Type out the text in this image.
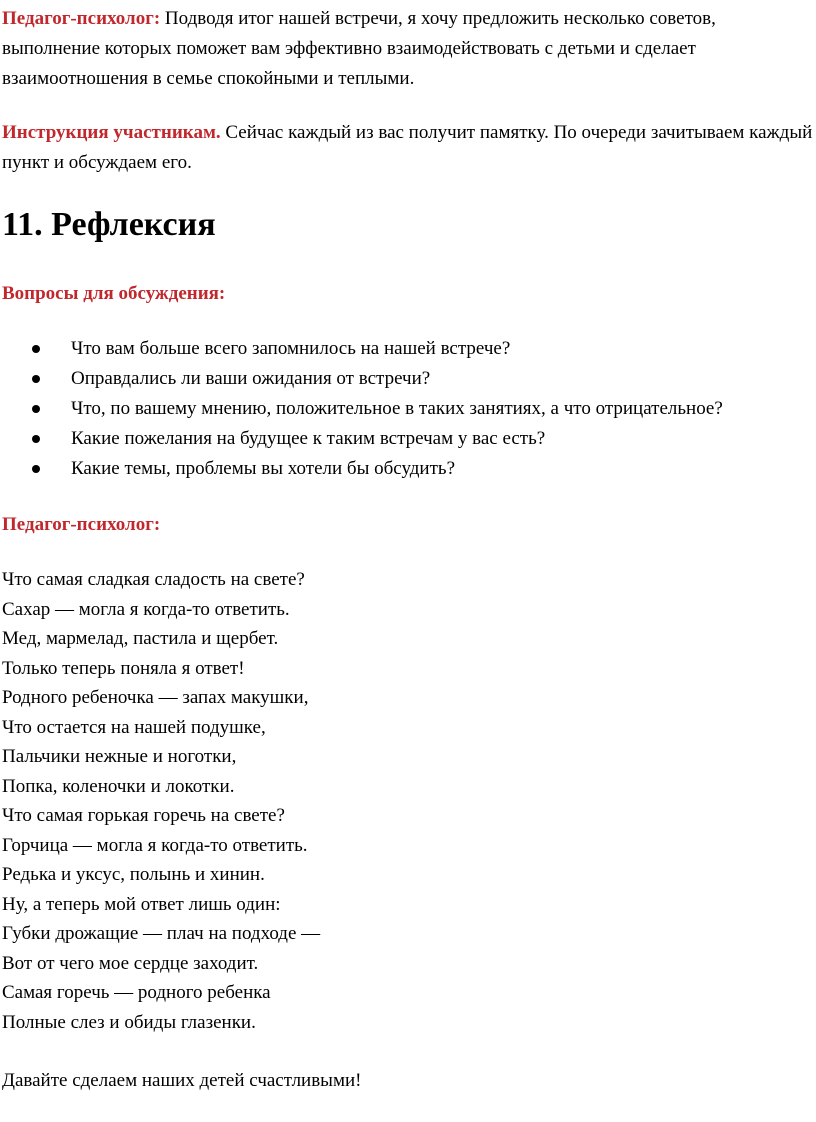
Педагог-психолог: Подводя итог нашей встречи, я хочу предложить несколько советов, выполнение которых поможет вам эффективно взаимодействовать с детьми и сделает взаимоотношения в семье спокойными и теплыми.

Инструкция участникам. Сейчас каждый из вас получит памятку. По очереди зачитываем каждый пункт и обсуждаем его.

11. Рефлексия

Вопросы для обсуждения:

Что вам больше всего запомнилось на нашей встрече?
Оправдались ли ваши ожидания от встречи?
Что, по вашему мнению, положительное в таких занятиях, а что отрицательное?
Какие пожелания на будущее к таким встречам у вас есть?
Какие темы, проблемы вы хотели бы обсудить?

Педагог-психолог:

Что самая сладкая сладость на свете?
Сахар — могла я когда-то ответить.
Мед, мармелад, пастила и щербет.
Только теперь поняла я ответ!
Родного ребеночка — запах макушки,
Что остается на нашей подушке,
Пальчики нежные и ноготки,
Попка, коленочки и локотки.
Что самая горькая горечь на свете?
Горчица — могла я когда-то ответить.
Редька и уксус, полынь и хинин.
Ну, а теперь мой ответ лишь один:
Губки дрожащие — плач на подходе —
Вот от чего мое сердце заходит.
Самая горечь — родного ребенка
Полные слез и обиды глазенки.

Давайте сделаем наших детей счастливыми!
